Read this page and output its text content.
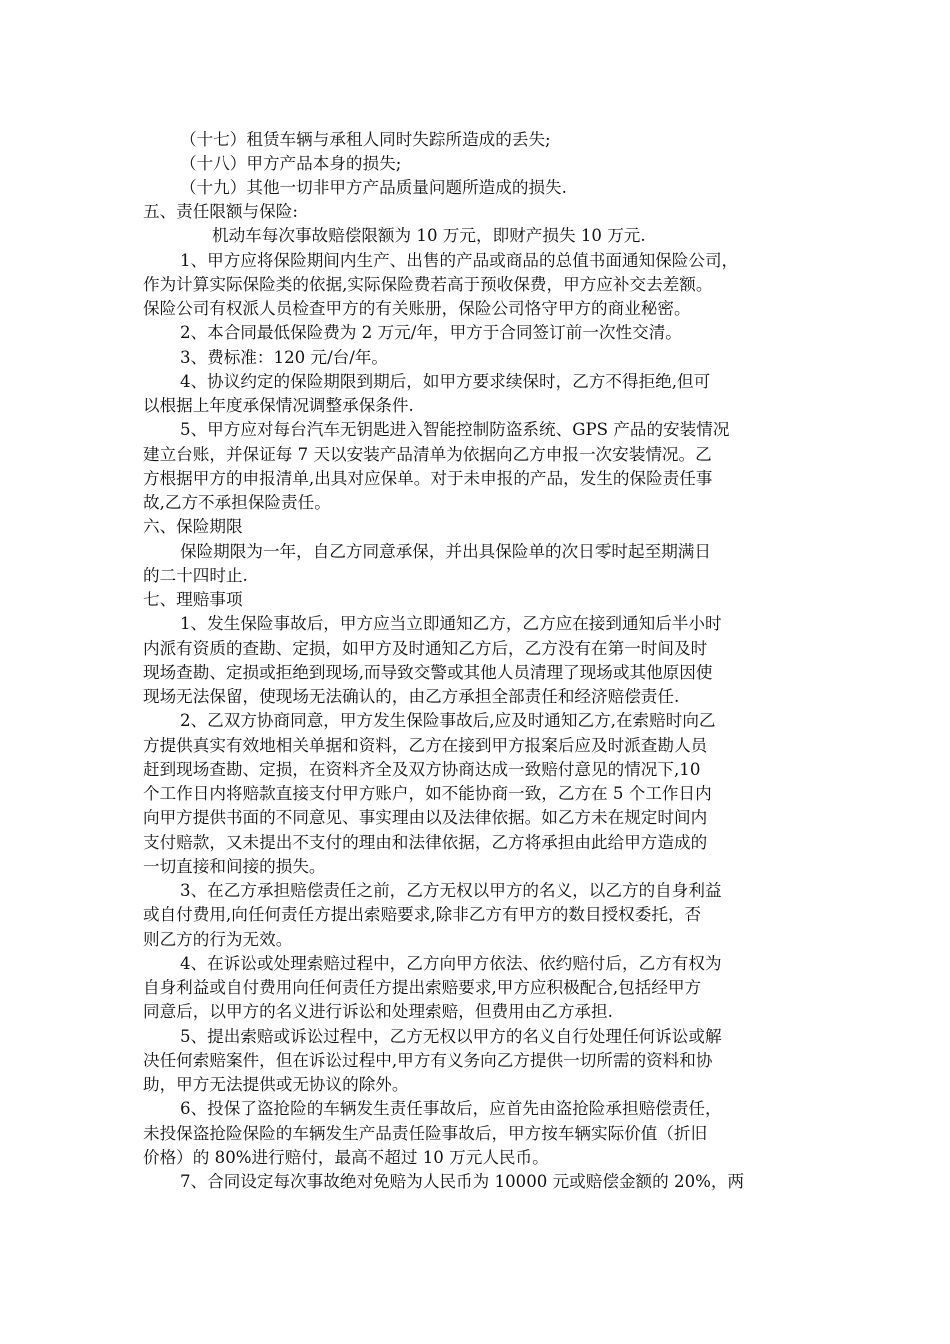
（十七）租赁车辆与承租人同时失踪所造成的丢失;
（十八）甲方产品本身的损失;
（十九）其他一切非甲方产品质量问题所造成的损失.
五、责任限额与保险:
机动车每次事故赔偿限额为 10 万元，即财产损失 10 万元.
1、甲方应将保险期间内生产、出售的产品或商品的总值书面通知保险公司，
作为计算实际保险类的依据,实际保险费若高于预收保费，甲方应补交去差额。
保险公司有权派人员检查甲方的有关账册，保险公司恪守甲方的商业秘密。
2、本合同最低保险费为 2 万元/年，甲方于合同签订前一次性交清。
3、费标准：120 元/台/年。
4、协议约定的保险期限到期后，如甲方要求续保时，乙方不得拒绝,但可
以根据上年度承保情况调整承保条件.
5、甲方应对每台汽车无钥匙进入智能控制防盗系统、GPS 产品的安装情况
建立台账，并保证每 7 天以安装产品清单为依据向乙方申报一次安装情况。乙
方根据甲方的申报清单,出具对应保单。对于未申报的产品，发生的保险责任事
故,乙方不承担保险责任。
六、保险期限
保险期限为一年，自乙方同意承保，并出具保险单的次日零时起至期满日
的二十四时止.
七、理赔事项
1、发生保险事故后，甲方应当立即通知乙方，乙方应在接到通知后半小时
内派有资质的查勘、定损，如甲方及时通知乙方后，乙方没有在第一时间及时
现场查勘、定损或拒绝到现场,而导致交警或其他人员清理了现场或其他原因使
现场无法保留，使现场无法确认的，由乙方承担全部责任和经济赔偿责任.
2、乙双方协商同意，甲方发生保险事故后,应及时通知乙方,在索赔时向乙
方提供真实有效地相关单据和资料，乙方在接到甲方报案后应及时派查勘人员
赶到现场查勘、定损，在资料齐全及双方协商达成一致赔付意见的情况下,10
个工作日内将赔款直接支付甲方账户，如不能协商一致，乙方在 5 个工作日内
向甲方提供书面的不同意见、事实理由以及法律依据。如乙方未在规定时间内
支付赔款，又未提出不支付的理由和法律依据，乙方将承担由此给甲方造成的
一切直接和间接的损失。
3、在乙方承担赔偿责任之前，乙方无权以甲方的名义，以乙方的自身利益
或自付费用,向任何责任方提出索赔要求,除非乙方有甲方的数目授权委托，否
则乙方的行为无效。
4、在诉讼或处理索赔过程中，乙方向甲方依法、依约赔付后，乙方有权为
自身利益或自付费用向任何责任方提出索赔要求,甲方应积极配合,包括经甲方
同意后，以甲方的名义进行诉讼和处理索赔，但费用由乙方承担.
5、提出索赔或诉讼过程中，乙方无权以甲方的名义自行处理任何诉讼或解
决任何索赔案件，但在诉讼过程中,甲方有义务向乙方提供一切所需的资料和协
助，甲方无法提供或无协议的除外。
6、投保了盗抢险的车辆发生责任事故后，应首先由盗抢险承担赔偿责任，
未投保盗抢险保险的车辆发生产品责任险事故后，甲方按车辆实际价值（折旧
价格）的 80%进行赔付，最高不超过 10 万元人民币。
7、合同设定每次事故绝对免赔为人民币为 10000 元或赔偿金额的 20%，两
